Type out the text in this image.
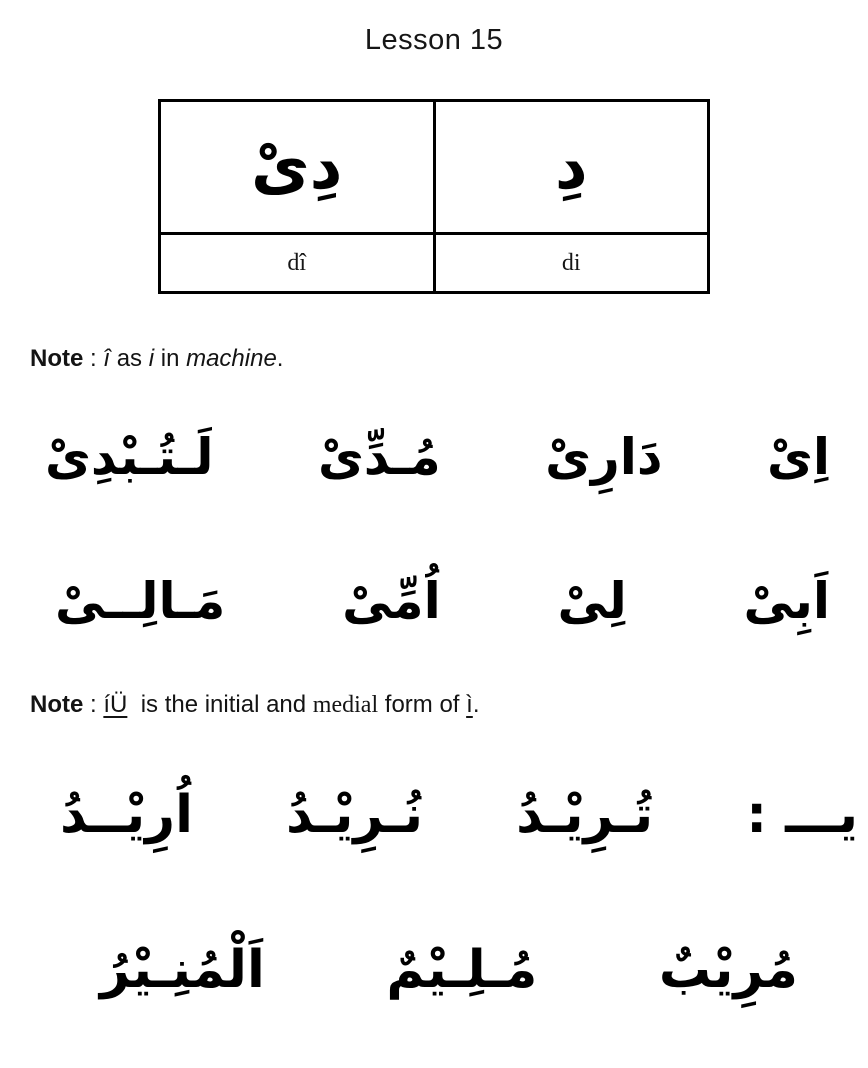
Lesson 15
دِىْ	دِ
dî	di

Note : î as i in machine.

اِىْ
دَارِىْ
مُـدِّىْ
لَـتُـبْدِىْ
اَبِىْ
لِىْ
اُمِّىْ
مَـالِــىْ

Note : íÜ  is the initial and medial form of ì.

يـــ :
تُـرِيْـدُ
نُـرِيْـدُ
اُرِيْــدُ
مُرِيْبٌ
مُـلِـيْمٌ
اَلْمُنِـيْرُ
